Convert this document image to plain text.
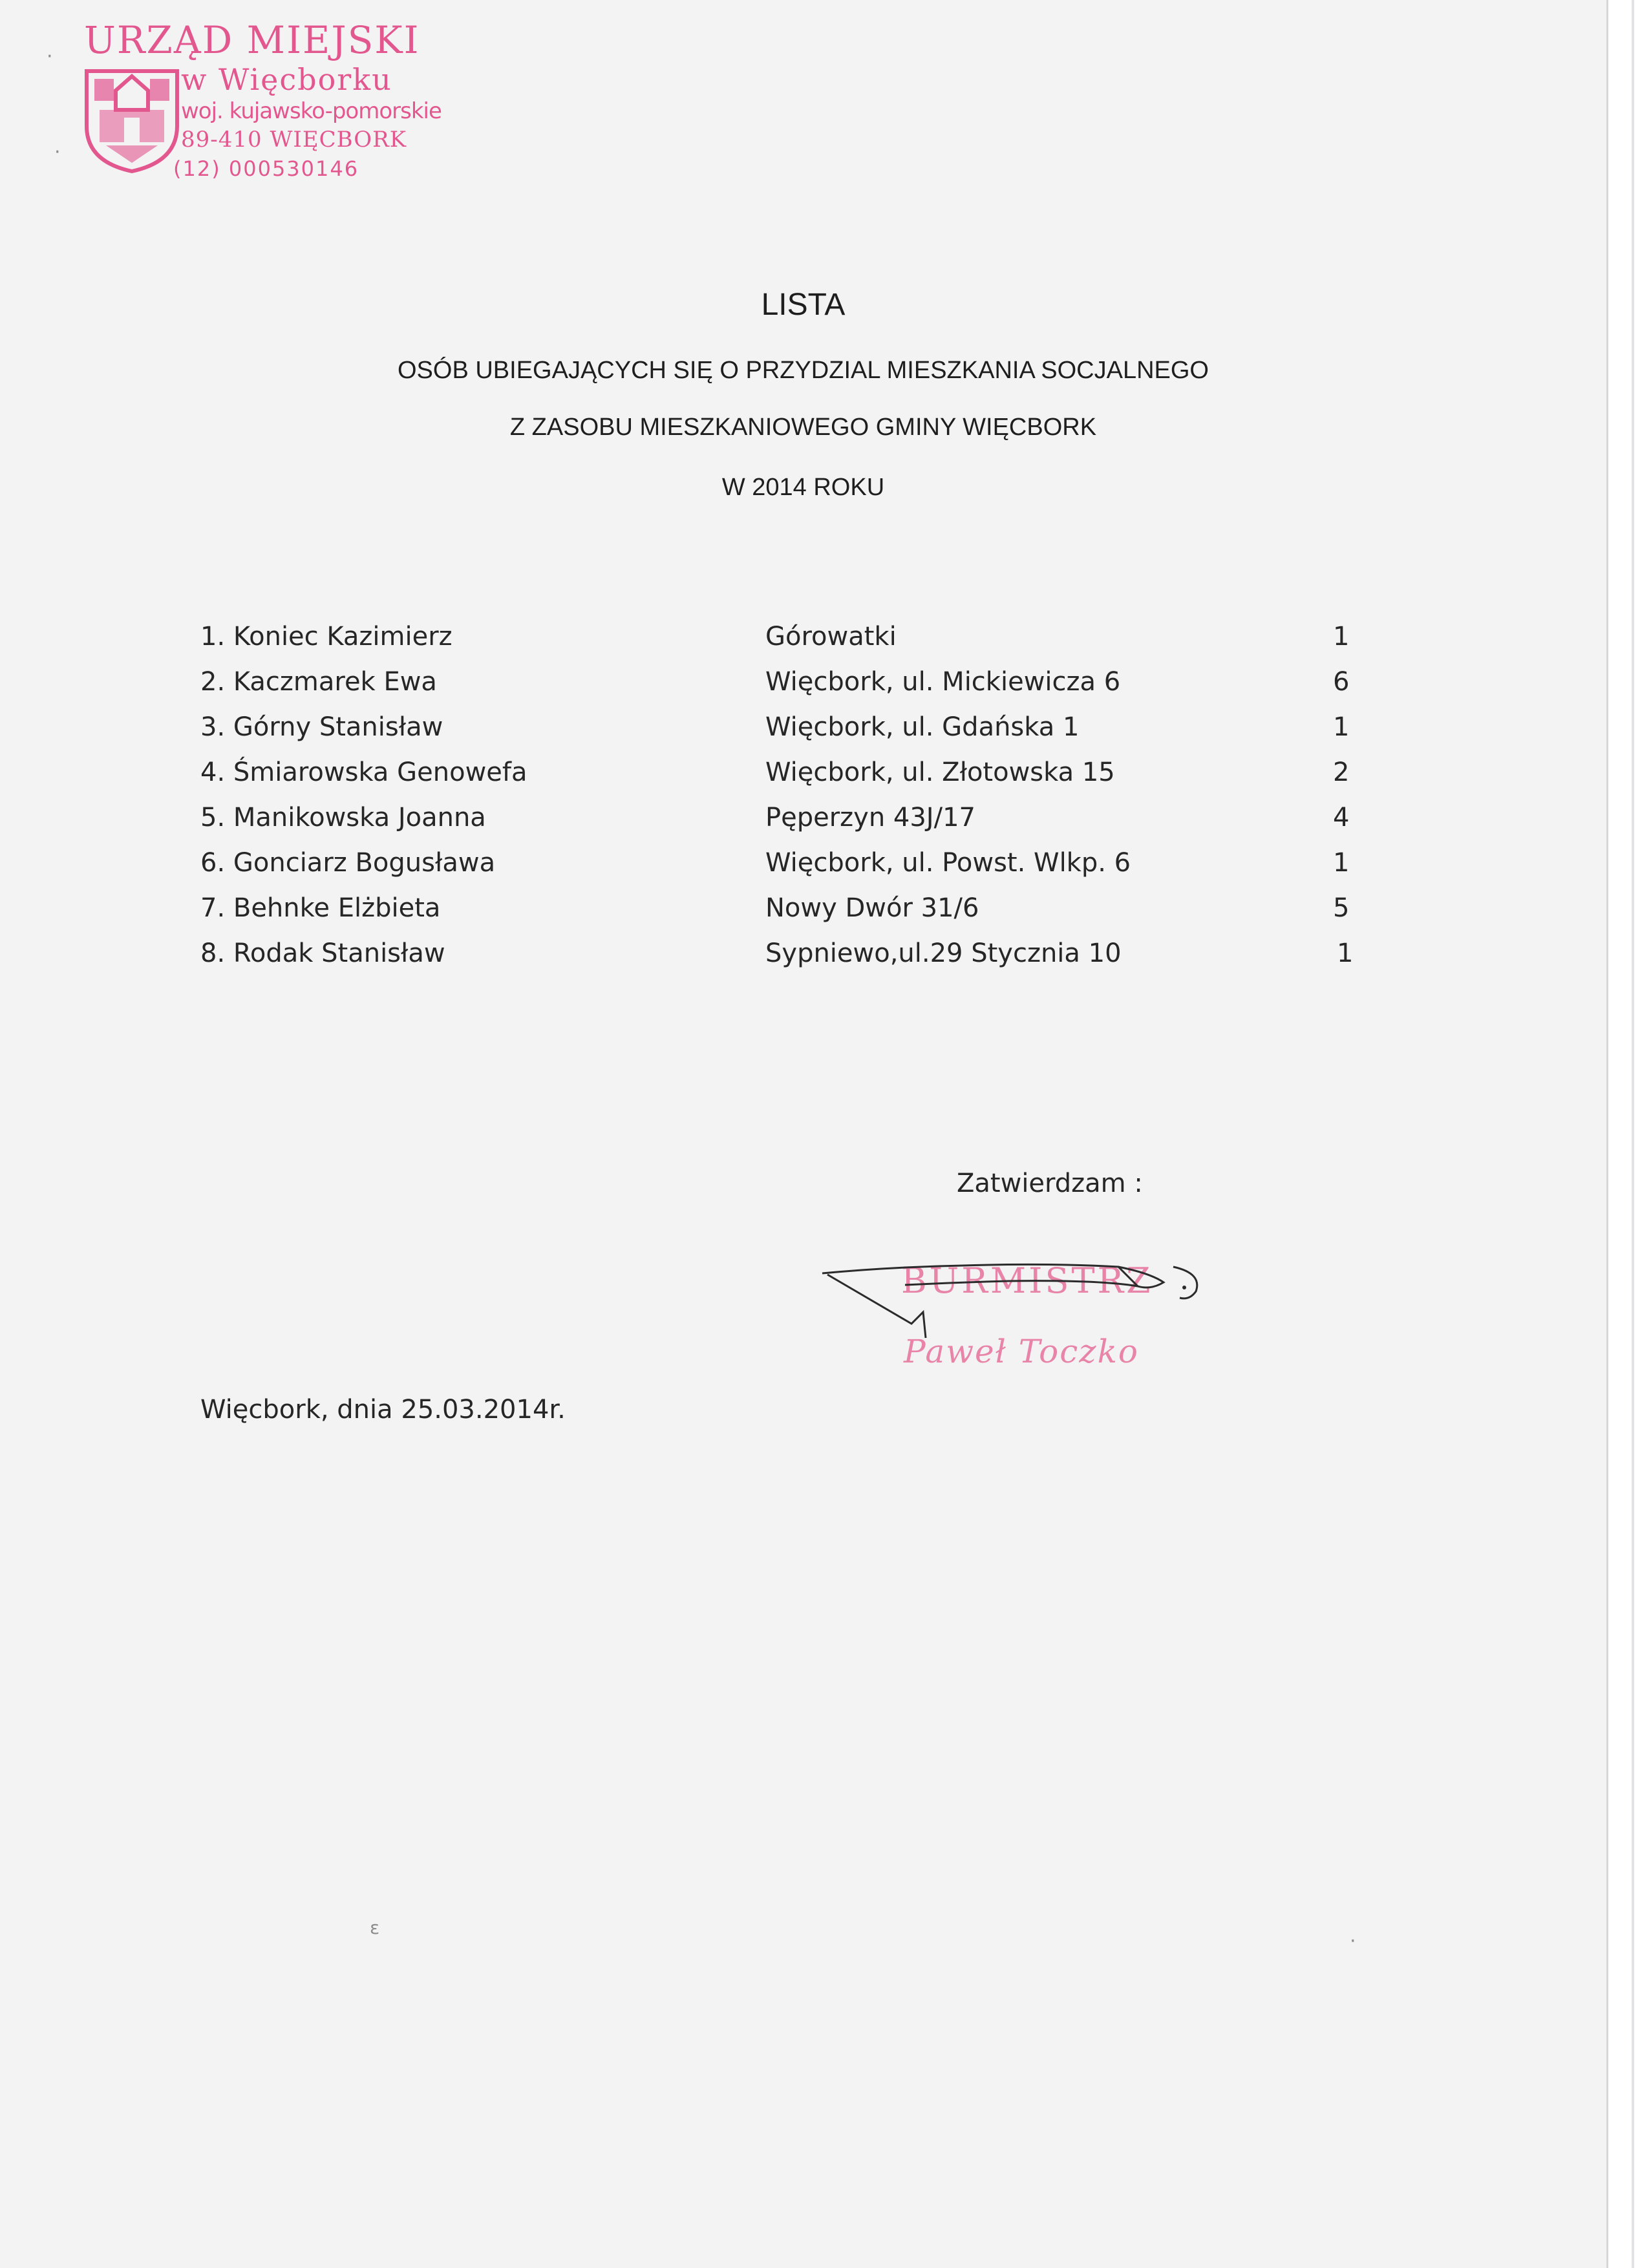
URZĄD MIEJSKI
w Więcborku
woj. kujawsko-pomorskie
89-410 WIĘCBORK
(12) 000530146
LISTA
OSÓB UBIEGAJĄCYCH SIĘ O PRZYDZIAL MIESZKANIA SOCJALNEGO
Z ZASOBU MIESZKANIOWEGO GMINY WIĘCBORK
W 2014 ROKU
1. Koniec Kazimierz	Górowatki	1
2. Kaczmarek Ewa	Więcbork, ul. Mickiewicza 6	6
3. Górny Stanisław	Więcbork, ul. Gdańska 1	1
4. Śmiarowska Genowefa	Więcbork, ul. Złotowska 15	2
5. Manikowska Joanna	Pęperzyn 43J/17	4
6. Gonciarz Bogusława	Więcbork, ul. Powst. Wlkp. 6	1
7. Behnke Elżbieta	Nowy Dwór 31/6	5
8. Rodak Stanisław	Sypniewo,ul.29 Stycznia 10	1
Zatwierdzam :
BURMISTRZ
Paweł Toczko
Więcbork, dnia 25.03.2014r.
·
·
ε
·
